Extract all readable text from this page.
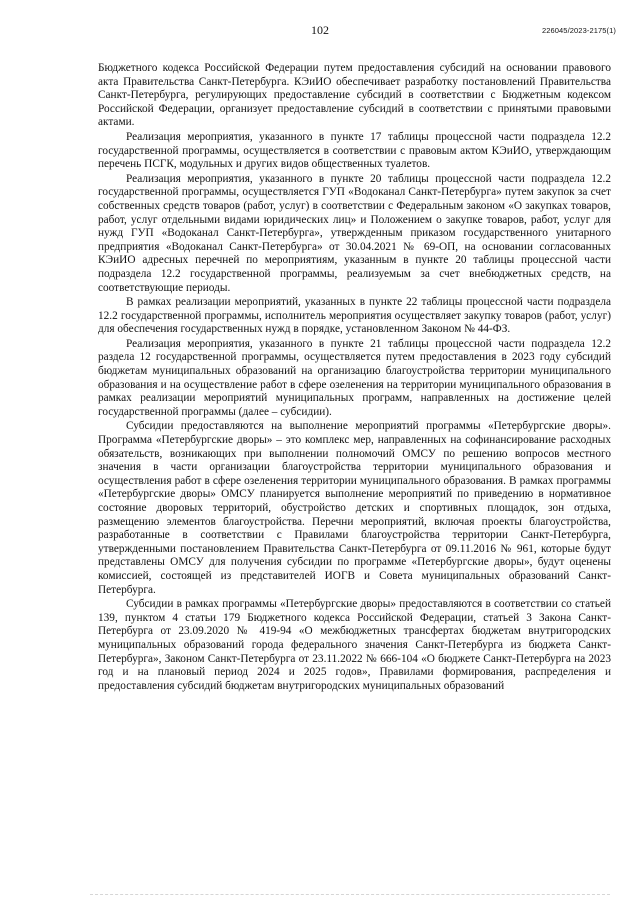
102	226045/2023-2175(1)

Бюджетного кодекса Российской Федерации путем предоставления субсидий на основании правового акта Правительства Санкт-Петербурга. КЭиИО обеспечивает разработку постановлений Правительства Санкт-Петербурга, регулирующих предоставление субсидий в соответствии с Бюджетным кодексом Российской Федерации, организует предоставление субсидий в соответствии с принятыми правовыми актами.

Реализация мероприятия, указанного в пункте 17 таблицы процессной части подраздела 12.2 государственной программы, осуществляется в соответствии с правовым актом КЭиИО, утверждающим перечень ПСГК, модульных и других видов общественных туалетов.

Реализация мероприятия, указанного в пункте 20 таблицы процессной части подраздела 12.2 государственной программы, осуществляется ГУП «Водоканал Санкт-Петербурга» путем закупок за счет собственных средств товаров (работ, услуг) в соответствии с Федеральным законом «О закупках товаров, работ, услуг отдельными видами юридических лиц» и Положением о закупке товаров, работ, услуг для нужд ГУП «Водоканал Санкт-Петербурга», утвержденным приказом государственного унитарного предприятия «Водоканал Санкт-Петербурга» от 30.04.2021 № 69-ОП, на основании согласованных КЭиИО адресных перечней по мероприятиям, указанным в пункте 20 таблицы процессной части подраздела 12.2 государственной программы, реализуемым за счет внебюджетных средств, на соответствующие периоды.

В рамках реализации мероприятий, указанных в пункте 22 таблицы процессной части подраздела 12.2 государственной программы, исполнитель мероприятия осуществляет закупку товаров (работ, услуг) для обеспечения государственных нужд в порядке, установленном Законом № 44-ФЗ.

Реализация мероприятия, указанного в пункте 21 таблицы процессной части подраздела 12.2 раздела 12 государственной программы, осуществляется путем предоставления в 2023 году субсидий бюджетам муниципальных образований на организацию благоустройства территории муниципального образования и на осуществление работ в сфере озеленения на территории муниципального образования в рамках реализации мероприятий муниципальных программ, направленных на достижение целей государственной программы (далее – субсидии).

Субсидии предоставляются на выполнение мероприятий программы «Петербургские дворы». Программа «Петербургские дворы» – это комплекс мер, направленных на софинансирование расходных обязательств, возникающих при выполнении полномочий ОМСУ по решению вопросов местного значения в части организации благоустройства территории муниципального образования и осуществления работ в сфере озеленения территории муниципального образования. В рамках программы «Петербургские дворы» ОМСУ планируется выполнение мероприятий по приведению в нормативное состояние дворовых территорий, обустройство детских и спортивных площадок, зон отдыха, размещению элементов благоустройства. Перечни мероприятий, включая проекты благоустройства, разработанные в соответствии с Правилами благоустройства территории Санкт-Петербурга, утвержденными постановлением Правительства Санкт-Петербурга от 09.11.2016 № 961, которые будут представлены ОМСУ для получения субсидии по программе «Петербургские дворы», будут оценены комиссией, состоящей из представителей ИОГВ и Совета муниципальных образований Санкт-Петербурга.

Субсидии в рамках программы «Петербургские дворы» предоставляются в соответствии со статьей 139, пунктом 4 статьи 179 Бюджетного кодекса Российской Федерации, статьей 3 Закона Санкт-Петербурга от 23.09.2020 № 419-94 «О межбюджетных трансфертах бюджетам внутригородских муниципальных образований города федерального значения Санкт-Петербурга из бюджета Санкт-Петербурга», Законом Санкт-Петербурга от 23.11.2022 № 666-104 «О бюджете Санкт-Петербурга на 2023 год и на плановый период 2024 и 2025 годов», Правилами формирования, распределения и предоставления субсидий бюджетам внутригородских муниципальных образований
